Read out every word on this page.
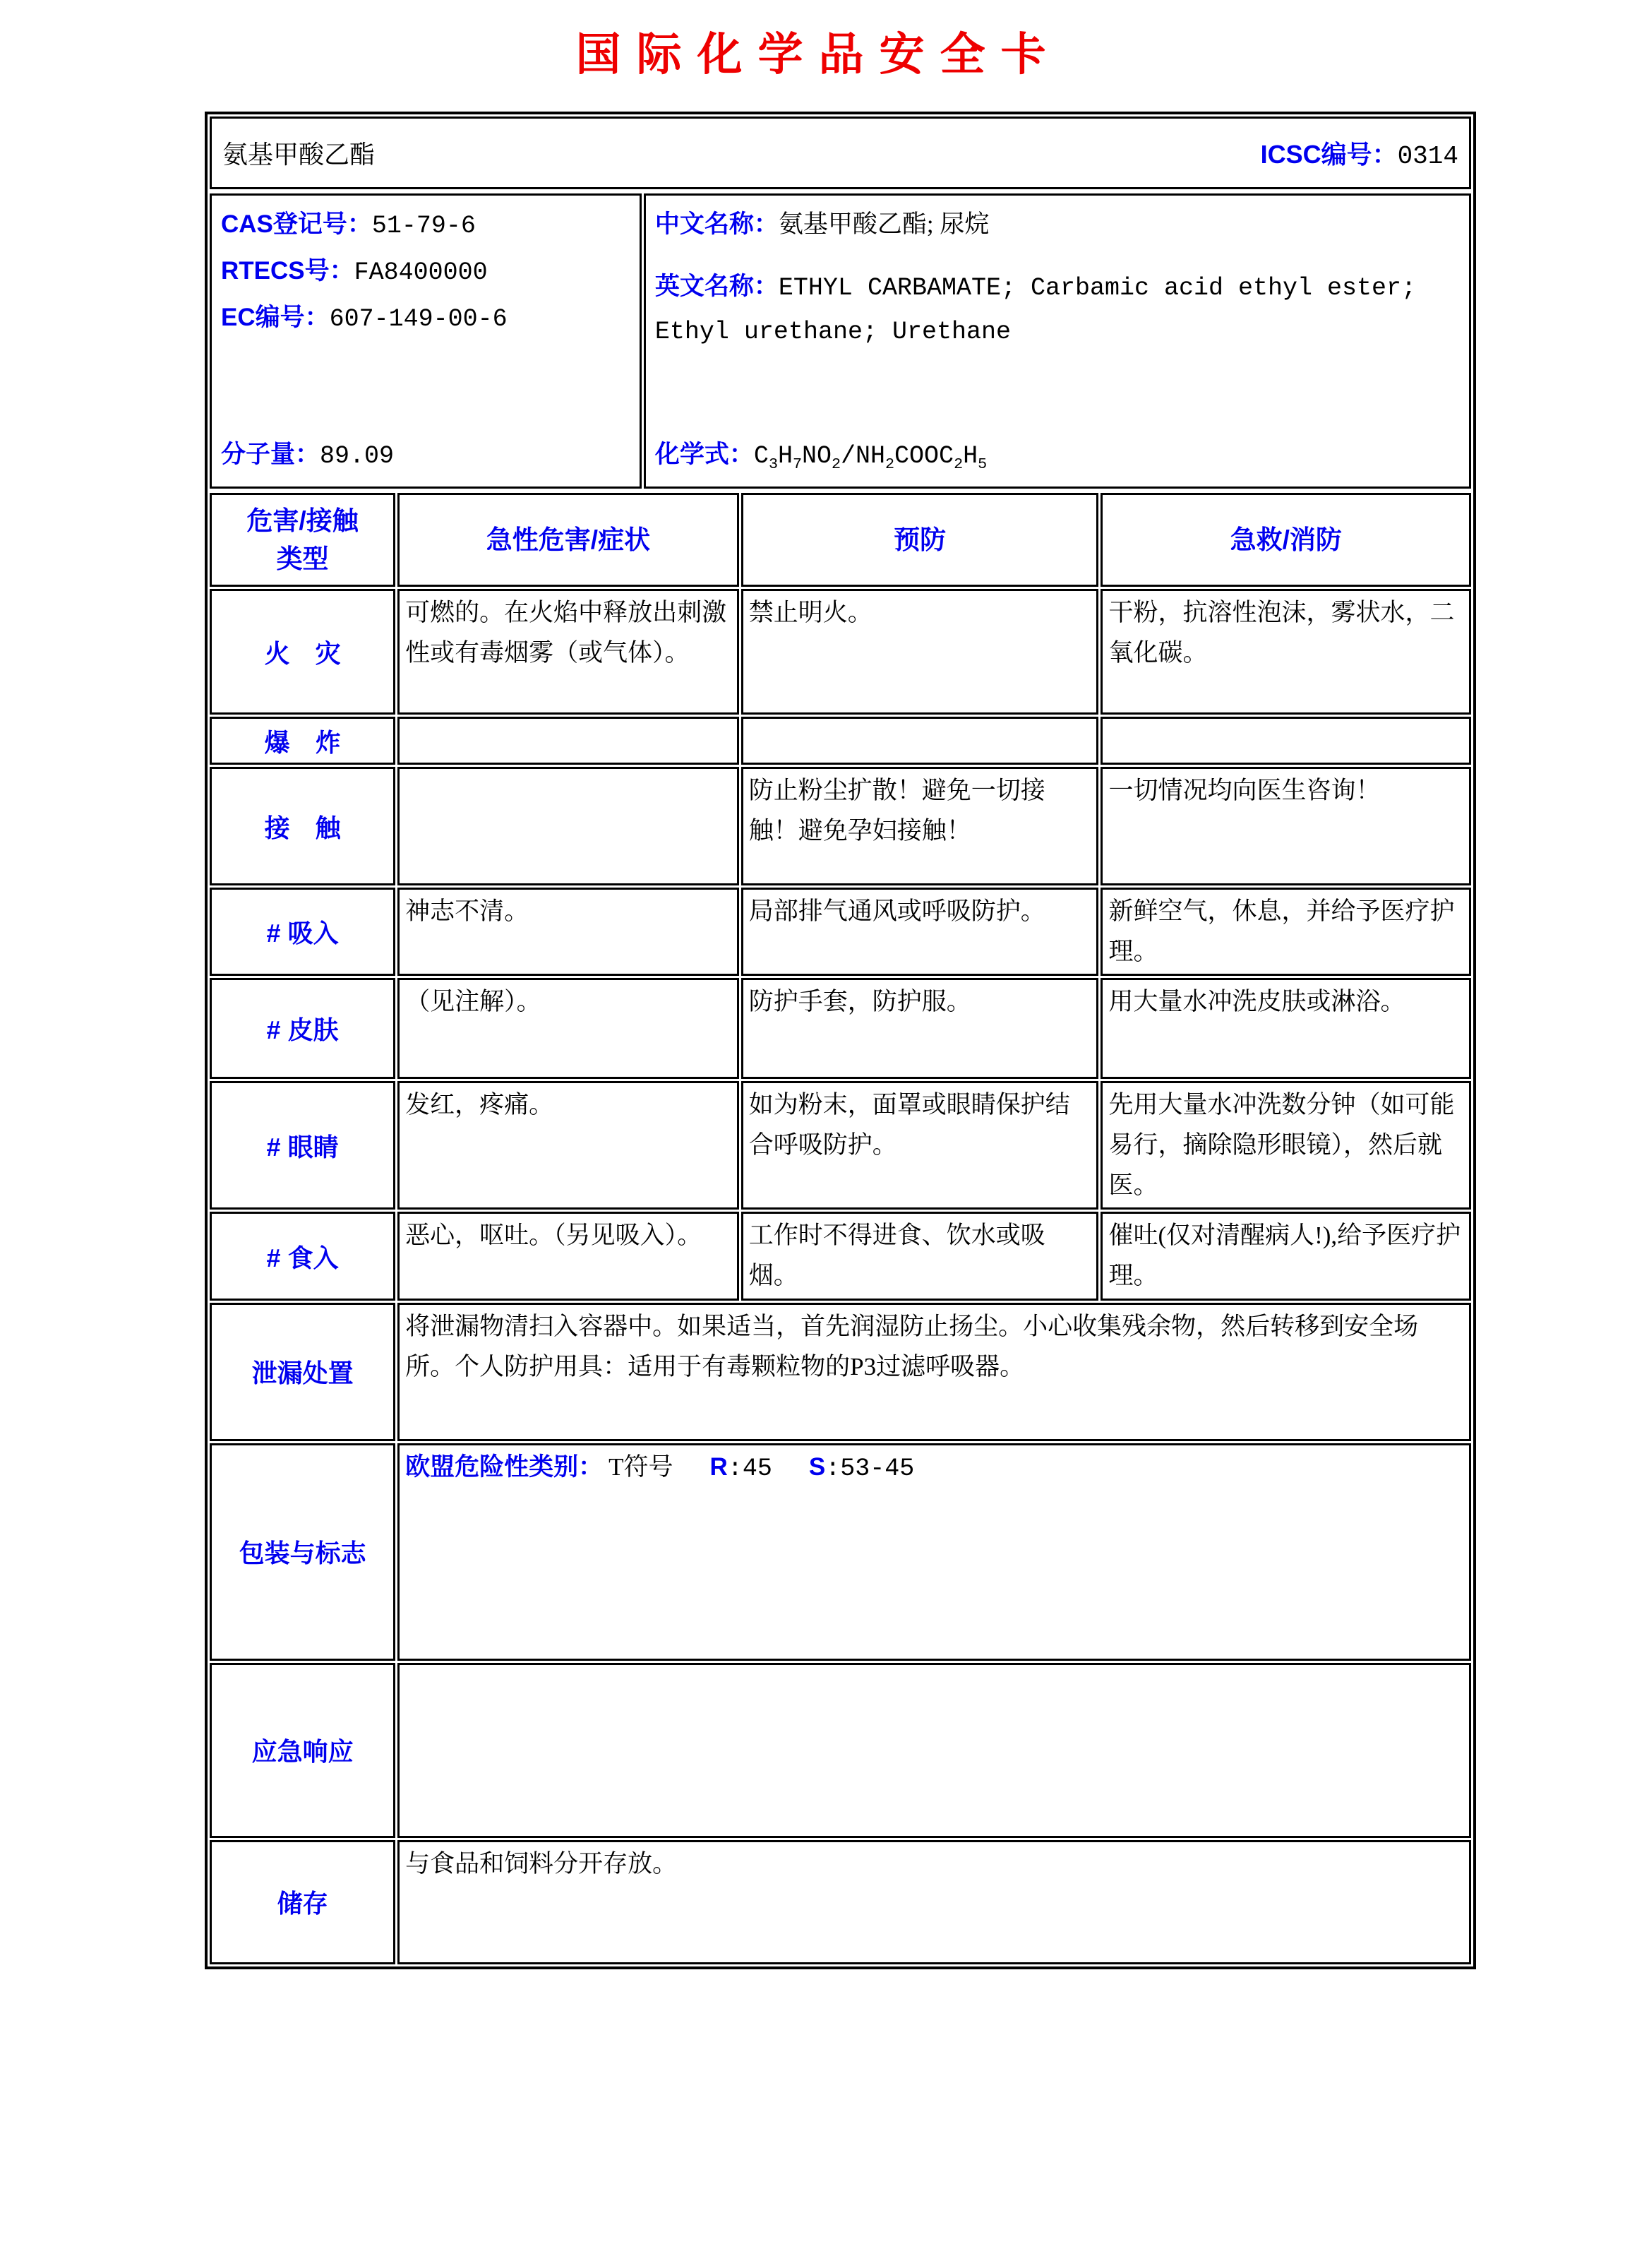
国际化学品安全卡
氨基甲酸乙酯	ICSC编号：0314
CAS登记号：51-79-6
RTECS号：FA8400000
EC编号：607-149-00-6
分子量：89.09

中文名称：氨基甲酸乙酯; 尿烷
英文名称：ETHYL CARBAMATE; Carbamic acid ethyl ester; Ethyl urethane; Urethane
化学式：$C_3H_7NO_2/NH_2COOC_2H_5$
危害/接触
类型	急性危害/症状	预防	急救/消防
火　灾	可燃的。在火焰中释放出刺激性或有毒烟雾（或气体）。	禁止明火。	干粉，抗溶性泡沫，雾状水，二氧化碳。
爆　炸			
接　触		防止粉尘扩散！避免一切接触！避免孕妇接触！	一切情况均向医生咨询！
# 吸入	神志不清。	局部排气通风或呼吸防护。	新鲜空气，休息，并给予医疗护理。
# 皮肤	（见注解）。	防护手套，防护服。	用大量水冲洗皮肤或淋浴。
# 眼睛	发红，疼痛。	如为粉末，面罩或眼睛保护结合呼吸防护。	先用大量水冲洗数分钟（如可能易行，摘除隐形眼镜），然后就医。
# 食入	恶心，呕吐。（另见吸入）。	工作时不得进食、饮水或吸烟。	催吐(仅对清醒病人!),给予医疗护理。
泄漏处置	将泄漏物清扫入容器中。如果适当，首先润湿防止扬尘。小心收集残余物，然后转移到安全场所。个人防护用具：适用于有毒颗粒物的P3过滤呼吸器。		
包装与标志	欧盟危险性类别： T符号 R:45 S:53-45		
应急响应			
储存	与食品和饲料分开存放。		
